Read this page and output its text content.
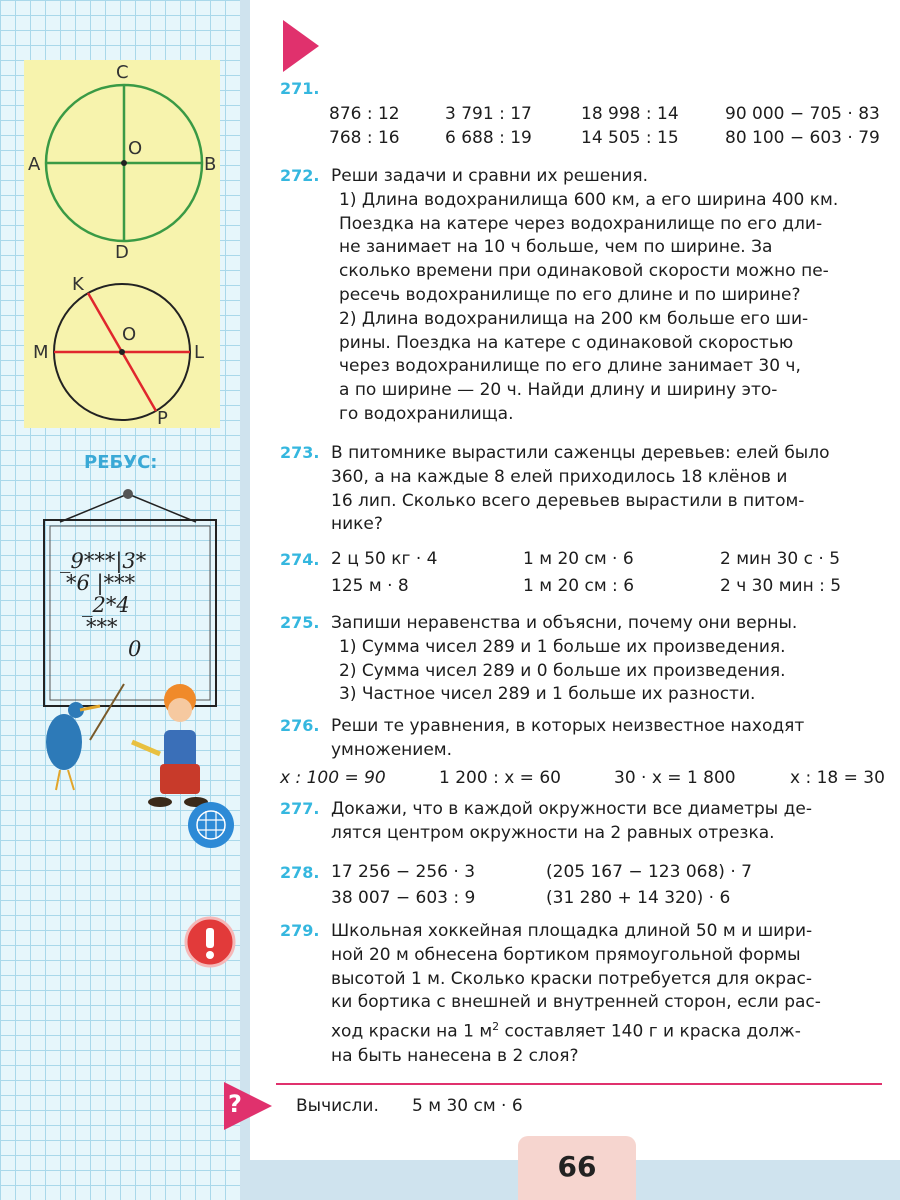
C
A	B
D
O
K
M	L
P
O
РЕБУС:
_9***|3*
*6 |***
_2*4
***
0
271.
876 : 12	3 791 : 17	18 998 : 14	90 000 − 705 · 83
768 : 16	6 688 : 19	14 505 : 15	80 100 − 603 · 79
272. Реши задачи и сравни их решения.
1) Длина водохранилища 600 км, а его ширина 400 км.
Поездка на катере через водохранилище по его дли-
не занимает на 10 ч больше, чем по ширине. За
сколько времени при одинаковой скорости можно пе-
ресечь водохранилище по его длине и по ширине?
2) Длина водохранилища на 200 км больше его ши-
рины. Поездка на катере с одинаковой скоростью
через водохранилище по его длине занимает 30 ч,
а по ширине — 20 ч. Найди длину и ширину это-
го водохранилища.
273. В питомнике вырастили саженцы деревьев: елей было
360, а на каждые 8 елей приходилось 18 клёнов и
16 лип. Сколько всего деревьев вырастили в питом-
нике?
274. 2 ц 50 кг · 4	1 м 20 см · 6	2 мин 30 с · 5
125 м · 8	1 м 20 см : 6	2 ч 30 мин : 5
275. Запиши неравенства и объясни, почему они верны.
1) Сумма чисел 289 и 1 больше их произведения.
2) Сумма чисел 289 и 0 больше их произведения.
3) Частное чисел 289 и 1 больше их разности.
276. Реши те уравнения, в которых неизвестное находят
умножением.
x : 100 = 90	1 200 : x = 60	30 · x = 1 800	x : 18 = 30
277. Докажи, что в каждой окружности все диаметры де-
лятся центром окружности на 2 равных отрезка.
278. 17 256 − 256 · 3	(205 167 − 123 068) · 7
38 007 − 603 : 9	(31 280 + 14 320) · 6
279. Школьная хоккейная площадка длиной 50 м и шири-
ной 20 м обнесена бортиком прямоугольной формы
высотой 1 м. Сколько краски потребуется для окрас-
ки бортика с внешней и внутренней сторон, если рас-
ход краски на 1 $м^2$ составляет 140 г и краска долж-
на быть нанесена в 2 слоя?
?	Вычисли. 5 м 30 см · 6
66
